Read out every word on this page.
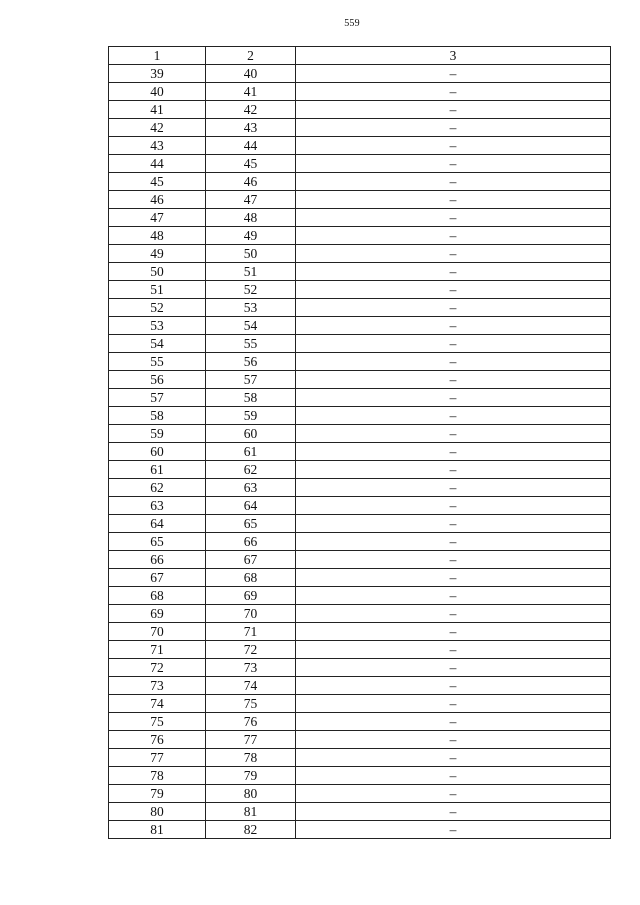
559
1	2	3
39	40	–
40	41	–
41	42	–
42	43	–
43	44	–
44	45	–
45	46	–
46	47	–
47	48	–
48	49	–
49	50	–
50	51	–
51	52	–
52	53	–
53	54	–
54	55	–
55	56	–
56	57	–
57	58	–
58	59	–
59	60	–
60	61	–
61	62	–
62	63	–
63	64	–
64	65	–
65	66	–
66	67	–
67	68	–
68	69	–
69	70	–
70	71	–
71	72	–
72	73	–
73	74	–
74	75	–
75	76	–
76	77	–
77	78	–
78	79	–
79	80	–
80	81	–
81	82	–
